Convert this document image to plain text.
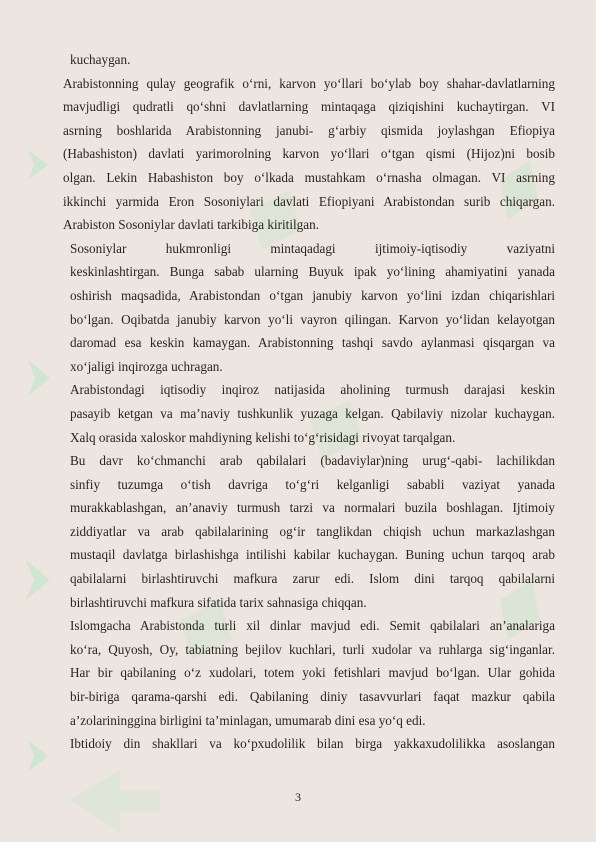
kuchaygan.
Arabistonning qulay geografik o‘rni, karvon yo‘llari bo‘ylab boy shahar-davlatlarning
mavjudligi qudratli qo‘shni davlatlarning mintaqaga qiziqishini kuchaytirgan. VI
asrning boshlarida Arabistonning janubi- g‘arbiy qismida joylashgan Efiopiya
(Habashiston) davlati yarimorolning karvon yo‘llari o‘tgan qismi (Hijoz)ni bosib
olgan. Lekin Habashiston boy o‘lkada mustahkam o‘rnasha olmagan. VI asrning
ikkinchi yarmida Eron Sosoniylari davlati Efiopiyani Arabistondan surib chiqargan.
Arabiston Sosoniylar davlati tarkibiga kiritilgan.
Sosoniylar hukmronligi mintaqadagi ijtimoiy-iqtisodiy vaziyatni
keskinlashtirgan. Bunga sabab ularning Buyuk ipak yo‘lining ahamiyatini yanada
oshirish maqsadida, Arabistondan o‘tgan janubiy karvon yo‘lini izdan chiqarishlari
bo‘lgan. Oqibatda janubiy karvon yo‘li vayron qilingan. Karvon yo‘lidan kelayotgan
daromad esa keskin kamaygan. Arabistonning tashqi savdo aylanmasi qisqargan va
xo‘jaligi inqirozga uchragan.
Arabistondagi iqtisodiy inqiroz natijasida aholining turmush darajasi keskin
pasayib ketgan va ma’naviy tushkunlik yuzaga kelgan. Qabilaviy nizolar kuchaygan.
Xalq orasida xaloskor mahdiyning kelishi to‘g‘risidagi rivoyat tarqalgan.
Bu davr ko‘chmanchi arab qabilalari (badaviylar)ning urug‘-qabi- lachilikdan
sinfiy tuzumga o‘tish davriga to‘g‘ri kelganligi sababli vaziyat yanada
murakkablashgan, an’anaviy turmush tarzi va normalari buzila boshlagan. Ijtimoiy
ziddiyatlar va arab qabilalarining og‘ir tanglikdan chiqish uchun markazlashgan
mustaqil davlatga birlashishga intilishi kabilar kuchaygan. Buning uchun tarqoq arab
qabilalarni birlashtiruvchi mafkura zarur edi. Islom dini tarqoq qabilalarni
birlashtiruvchi mafkura sifatida tarix sahnasiga chiqqan.
Islomgacha Arabistonda turli xil dinlar mavjud edi. Semit qabilalari an’analariga
ko‘ra, Quyosh, Oy, tabiatning bejilov kuchlari, turli xudolar va ruhlarga sig‘inganlar.
Har bir qabilaning o‘z xudolari, totem yoki fetishlari mavjud bo‘lgan. Ular gohida
bir-biriga qarama-qarshi edi. Qabilaning diniy tasavvurlari faqat mazkur qabila
a’zolarininggina birligini ta’minlagan, umumarab dini esa yo‘q edi.
Ibtidoiy din shakllari va ko‘pxudolilik bilan birga yakkaxudolilikka asoslangan
3
